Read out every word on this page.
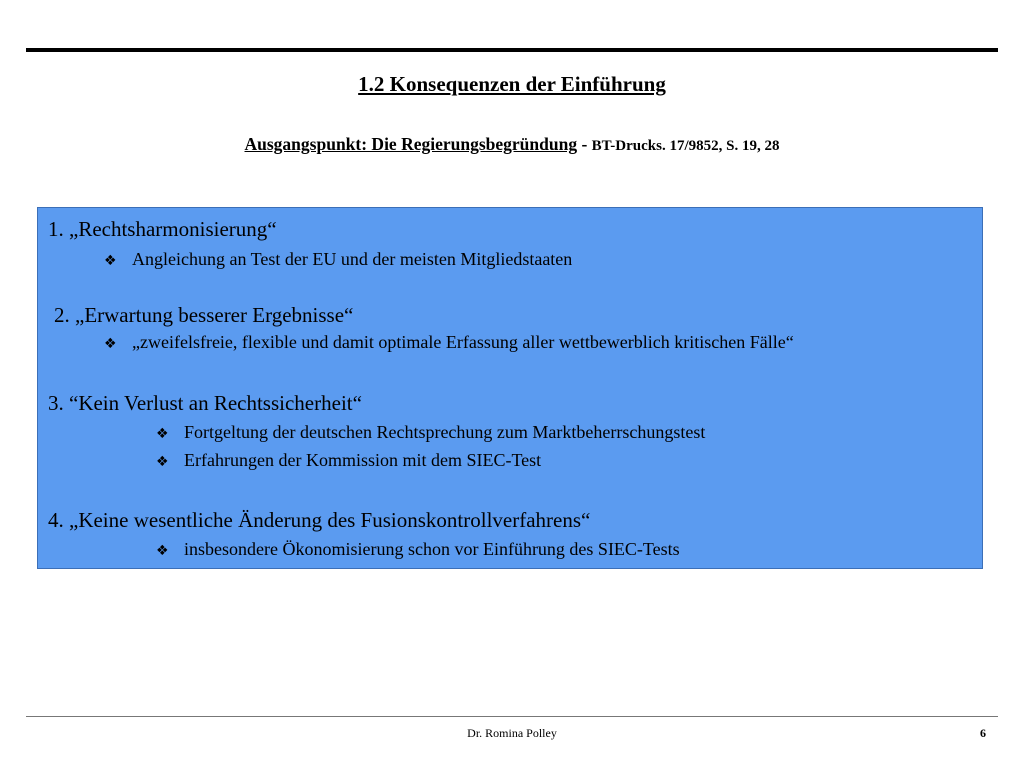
1.2 Konsequenzen der Einführung

Ausgangspunkt: Die Regierungsbegründung - BT-Drucks. 17/9852, S. 19, 28

1. „Rechtsharmonisierung“

❖ Angleichung an Test der EU und der meisten Mitgliedstaaten

2. „Erwartung besserer Ergebnisse“

❖ „zweifelsfreie, flexible und damit optimale Erfassung aller wettbewerblich kritischen Fälle“

3. “Kein Verlust an Rechtssicherheit“

❖ Fortgeltung der deutschen Rechtsprechung zum Marktbeherrschungstest

❖ Erfahrungen der Kommission mit dem SIEC-Test

4. „Keine wesentliche Änderung des Fusionskontrollverfahrens“

❖ insbesondere Ökonomisierung schon vor Einführung des SIEC-Tests

Dr. Romina Polley	6
